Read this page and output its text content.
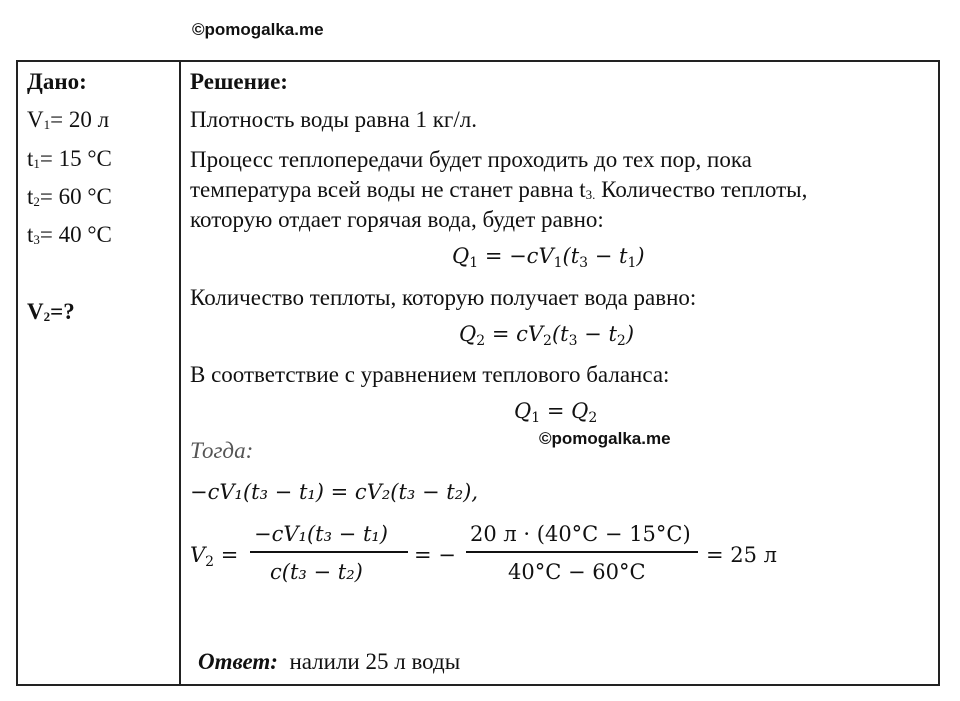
©pomogalka.me
Дано:
$V_1= 20$ л
$t_1= 15$ °C
$t_2= 60$ °C
$t_3= 40$ °C
$V_2=$?
Решение:
Плотность воды равна 1 кг/л.
Процесс теплопередачи будет проходить до тех пор, пока
температура всей воды не станет равна $t_{3.}$ Количество теплоты,
которую отдает горячая вода, будет равно:
$Q_1 = -cV_1(t_3 - t_1)$
Количество теплоты, которую получает вода равно:
$Q_2 = cV_2(t_3 - t_2)$
В соответствие с уравнением теплового баланса:
$Q_1 = Q_2$
©pomogalka.me
Тогда:
−cV₁(t₃ − t₁) = cV₂(t₃ − t₂),
$V_2$ =
−cV₁(t₃ − t₁)
c(t₃ − t₂)
= −
20 л · (40°C − 15°C)
40°C − 60°C
= 25 л
Ответ: налили 25 л воды
